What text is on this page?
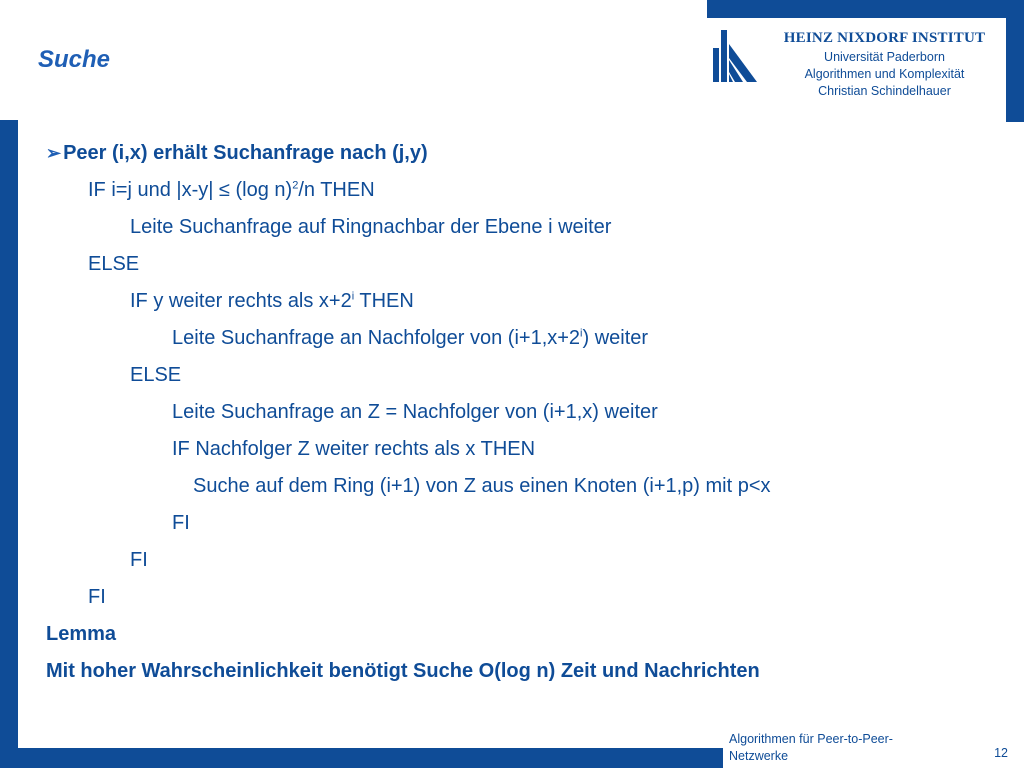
Suche
HEINZ NIXDORF INSTITUT
Universität Paderborn
Algorithmen und Komplexität
Christian Schindelhauer
➢ Peer (i,x) erhält Suchanfrage nach (j,y)
IF i=j und |x-y| ≤ (log n)$^2$/n THEN
Leite Suchanfrage auf Ringnachbar der Ebene i weiter
ELSE
IF y weiter rechts als $x+2^i$ THEN
Leite Suchanfrage an Nachfolger von $(i+1,x+2^i)$ weiter
ELSE
Leite Suchanfrage an Z = Nachfolger von (i+1,x) weiter
IF Nachfolger Z weiter rechts als x THEN
Suche auf dem Ring (i+1) von Z aus einen Knoten (i+1,p) mit p<x
FI
FI
FI
Lemma
Mit hoher Wahrscheinlichkeit benötigt Suche O(log n) Zeit und Nachrichten
Algorithmen für Peer-to-Peer-Netzwerke	12
